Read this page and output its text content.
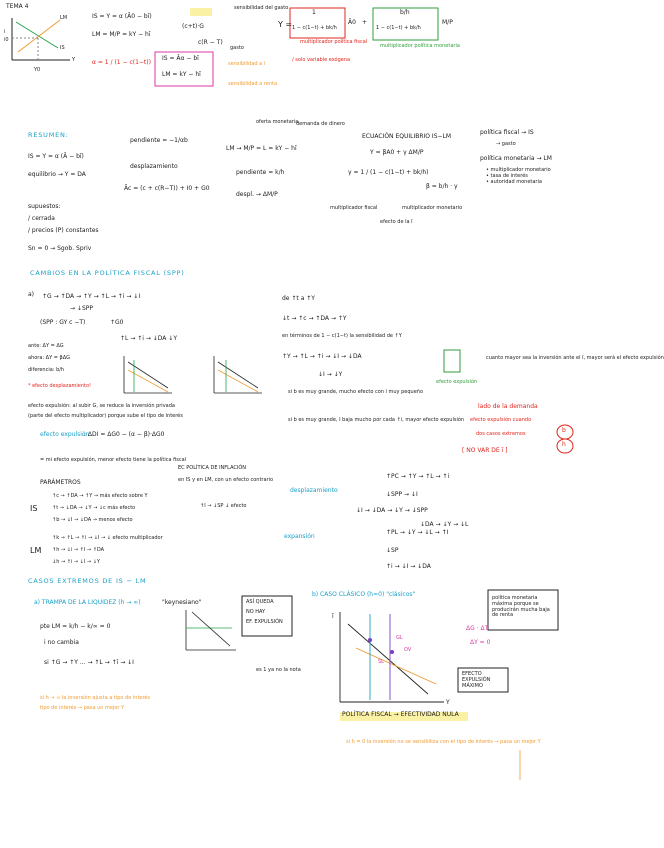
TEMA 4
i
Y
LM
IS
Y0
i0
IS = Y = α (Ā0 − bī)
LM = M/P = kY − hī
α = 1 / (1 − c(1−t))
(c+t)·G
c(R − T)
IS = Āα − bī
LM = kY − hī
sensibilidad del gasto
gasto
sensibilidad a ī
sensibilidad a renta
Y =
1
1 − c(1−t) + bk/h
Ā0 +
b/h
1 − c(1−t) + bk/h
M/P
multiplicador política fiscal
/ solo variable exógena
multiplicador política monetaria
RESUMEN:
IS = Y = α (Ā − bī)
pendiente = −1/αb
desplazamiento
equilibrio → Y = DA
Āc = (c + c(R−T)) + I0 + G0
supuestos:
/ cerrada
/ precios (P) constantes
Sn = 0 → Sgob. Spriv
LM → M/P = L = kY − hī
pendiente = k/h
despl. → ΔM/P
oferta monetaria
demanda de dinero
ECUACIÓN EQUILIBRIO IS−LM
Y = βA0 + γ ΔM/P
γ = 1 / (1 − c(1−t) + bk/h)
β = b/h · γ
multiplicador fiscal	multiplicador monetario
efecto de la ī
política fiscal → IS
→ gasto
política monetaria → LM
• multiplicador monetario
• tasa de interés
• autoridad monetaria
CAMBIOS EN LA POLÍTICA FISCAL (SPP)
a) ↑G → ↑DA → ↑Y → ↑L → ↑i → ↓I
→ ↓SPP
(SPP : GY c −T)	↑G0
↑L → ↑i → ↓DA ↓Y
ante: ΔY = ΔG
ahora: ΔY = βΔG
diferencia: b/h
* efecto desplazamiento!
efecto expulsión: al subir G, se reduce la inversión privada
(parte del efecto multiplicador) porque sube el tipo de interés
efecto expulsión
: ΔDI = ΔG0 − (α − β)·ΔG0
= mi efecto expulsión, menor efecto tiene la política fiscal
de ↑t a ↑Y
↓t → ↑c → ↑DA → ↑Y
en términos de 1 − c(1−t) la sensibilidad de ↑Y
↑Y → ↑L → ↑i → ↓I → ↓DA
↓I → ↓Y
si b es muy grande, mucho efecto con i muy pequeño
si b es muy grande, I baja mucho por cada ↑i, mayor efecto expulsión
efecto expulsión
cuanto mayor sea la inversión ante el ī, mayor será el efecto expulsión
lado de la demanda
efecto expulsión cuando
dos casos extremos
[ NO VAR DE ī ]
b
h
PARÁMETROS
IS
↑c → ↑DA → ↑Y → más efecto sobre Y
↑t → ↓DA → ↓Y → ↓c más efecto
↑b → ↓I → ↓DA → menos efecto
LM
↑k → ↑L → ↑i → ↓I → ↓ efecto multiplicador
↑h → ↓i → ↑I → ↑DA
↓h → ↑i → ↓I → ↓Y
EC POLÍTICA DE INFLACIÓN
en IS y en LM, con un efecto contrario
↑I → ↓SP ↓ efecto
desplazamiento
↑PC → ↑Y → ↑L → ↑i
↓SPP → ↓I
↓I → ↓DA → ↓Y → ↓SPP
↓DA → ↓Y → ↓L
expansión
↑PL → ↓Y → ↓L → ↑I
↓SP
↑i → ↓I → ↓DA
CASOS EXTREMOS DE IS − LM
a) TRAMPA DE LA LIQUIDEZ (h → ∞)	"keynesiano"
pte LM = k/h − k/∞ = 0
i no cambia
si ↑G → ↑Y ... → ↑L → ↑ī → ↓I
ASÍ QUEDA
NO HAY
EF. EXPULSIÓN
es 1 ya no la nota
si h → ∞ la inversión ajusta a tipo de interés
tipo de interés → pasa un mejor Y
b) CASO CLÁSICO (h=0) "clásicos"	política monetaria máxima porque se producirán mucha baja de renta
ΔG · ΔT
ΔY = 0
EFECTO EXPULSIÓN MÁXIMO
POLÍTICA FISCAL → EFECTIVIDAD NULA
si h = 0 la inversión no se sensibiliza con el tipo de interés → pasa un mejor Y
ī
Y
GL
OV
SL
